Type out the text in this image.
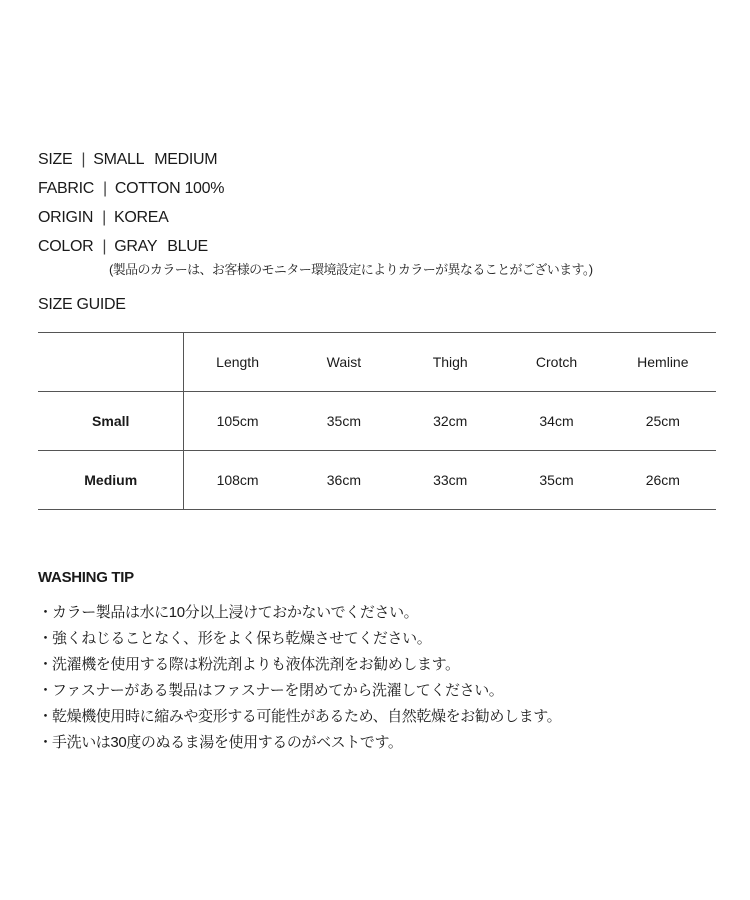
SIZE | SMALL MEDIUM
FABRIC | COTTON 100%
ORIGIN | KOREA
COLOR | GRAY BLUE
(製品のカラーは、お客様のモニター環境設定によりカラーが異なることがございます。)
SIZE GUIDE
	Length	Waist	Thigh	Crotch	Hemline
Small	105cm	35cm	32cm	34cm	25cm
Medium	108cm	36cm	33cm	35cm	26cm
WASHING TIP
・カラー製品は水に10分以上浸けておかないでください。
・強くねじることなく、形をよく保ち乾燥させてください。
・洗濯機を使用する際は粉洗剤よりも液体洗剤をお勧めします。
・ファスナーがある製品はファスナーを閉めてから洗濯してください。
・乾燥機使用時に縮みや変形する可能性があるため、自然乾燥をお勧めします。
・手洗いは30度のぬるま湯を使用するのがベストです。
